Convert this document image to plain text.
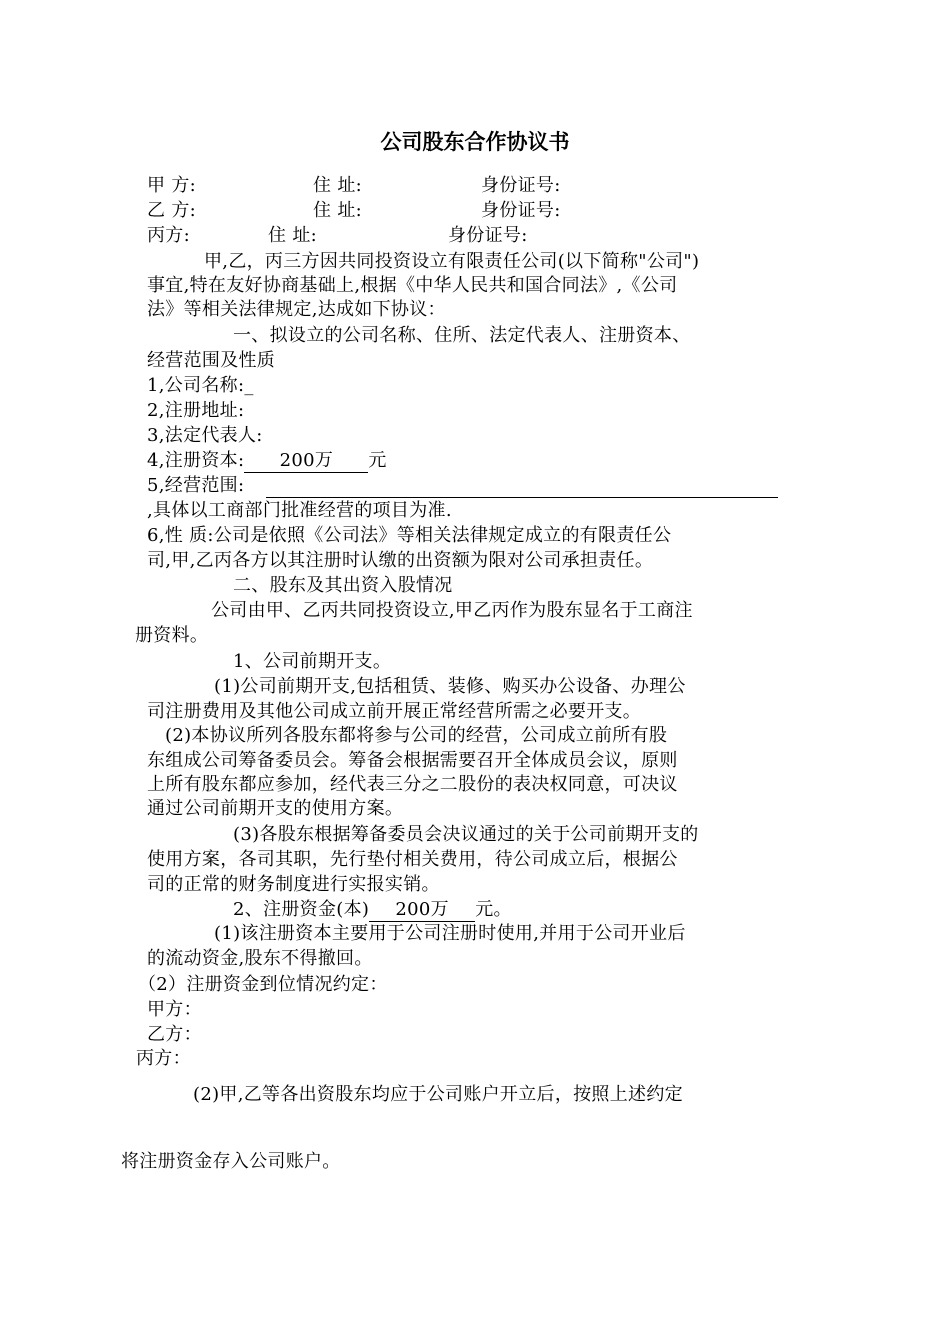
公司股东合作协议书
甲 方:	住 址:	身份证号:
乙 方:	住 址:	身份证号:
丙方:	住 址:	身份证号:
甲,乙，丙三方因共同投资设立有限责任公司(以下简称"公司")
事宜,特在友好协商基础上,根据《中华人民共和国合同法》,《公司
法》等相关法律规定,达成如下协议：
一、拟设立的公司名称、住所、法定代表人、注册资本、
经营范围及性质
1,公司名称:_
2,注册地址:
3,法定代表人:
4,注册资本: 200万 元
5,经营范围:
,具体以工商部门批准经营的项目为准.
6,性 质:公司是依照《公司法》等相关法律规定成立的有限责任公
司,甲,乙丙各方以其注册时认缴的出资额为限对公司承担责任。
二、股东及其出资入股情况
公司由甲、乙丙共同投资设立,甲乙丙作为股东显名于工商注
册资料。
1、公司前期开支。
(1)公司前期开支,包括租赁、装修、购买办公设备、办理公
司注册费用及其他公司成立前开展正常经营所需之必要开支。
(2)本协议所列各股东都将参与公司的经营，公司成立前所有股
东组成公司筹备委员会。筹备会根据需要召开全体成员会议，原则
上所有股东都应参加，经代表三分之二股份的表决权同意，可决议
通过公司前期开支的使用方案。
(3)各股东根据筹备委员会决议通过的关于公司前期开支的
使用方案，各司其职，先行垫付相关费用，待公司成立后，根据公
司的正常的财务制度进行实报实销。
2、注册资金(本) 200万 元。
(1)该注册资本主要用于公司注册时使用,并用于公司开业后
的流动资金,股东不得撤回。
（2）注册资金到位情况约定：
甲方：
乙方：
丙方：
(2)甲,乙等各出资股东均应于公司账户开立后，按照上述约定
将注册资金存入公司账户。
